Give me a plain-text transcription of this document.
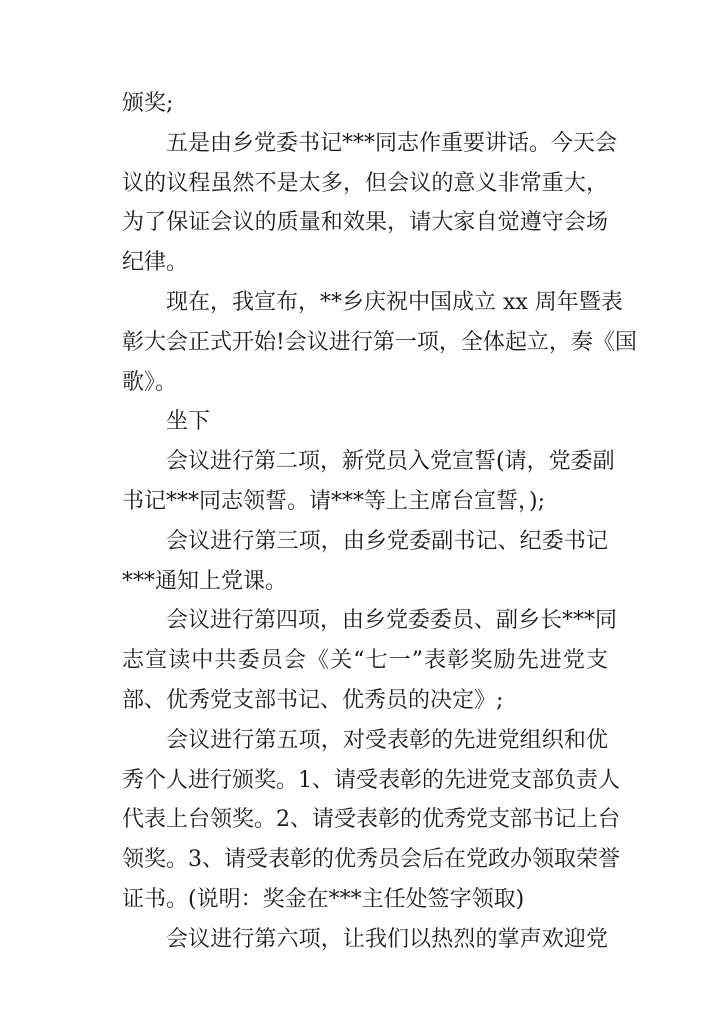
颁奖;
五是由乡党委书记***同志作重要讲话。今天会
议的议程虽然不是太多，但会议的意义非常重大，
为了保证会议的质量和效果，请大家自觉遵守会场
纪律。
现在，我宣布，**乡庆祝中国成立 xx 周年暨表
彰大会正式开始!会议进行第一项，全体起立，奏《国
歌》。
坐下
会议进行第二项，新党员入党宣誓(请，党委副
书记***同志领誓。请***等上主席台宣誓，);
会议进行第三项，由乡党委副书记、纪委书记
***通知上党课。
会议进行第四项，由乡党委委员、副乡长***同
志宣读中共委员会《关“七一”表彰奖励先进党支
部、优秀党支部书记、优秀员的决定》;
会议进行第五项，对受表彰的先进党组织和优
秀个人进行颁奖。1、请受表彰的先进党支部负责人
代表上台领奖。2、请受表彰的优秀党支部书记上台
领奖。3、请受表彰的优秀员会后在党政办领取荣誉
证书。(说明：奖金在***主任处签字领取)
会议进行第六项，让我们以热烈的掌声欢迎党
